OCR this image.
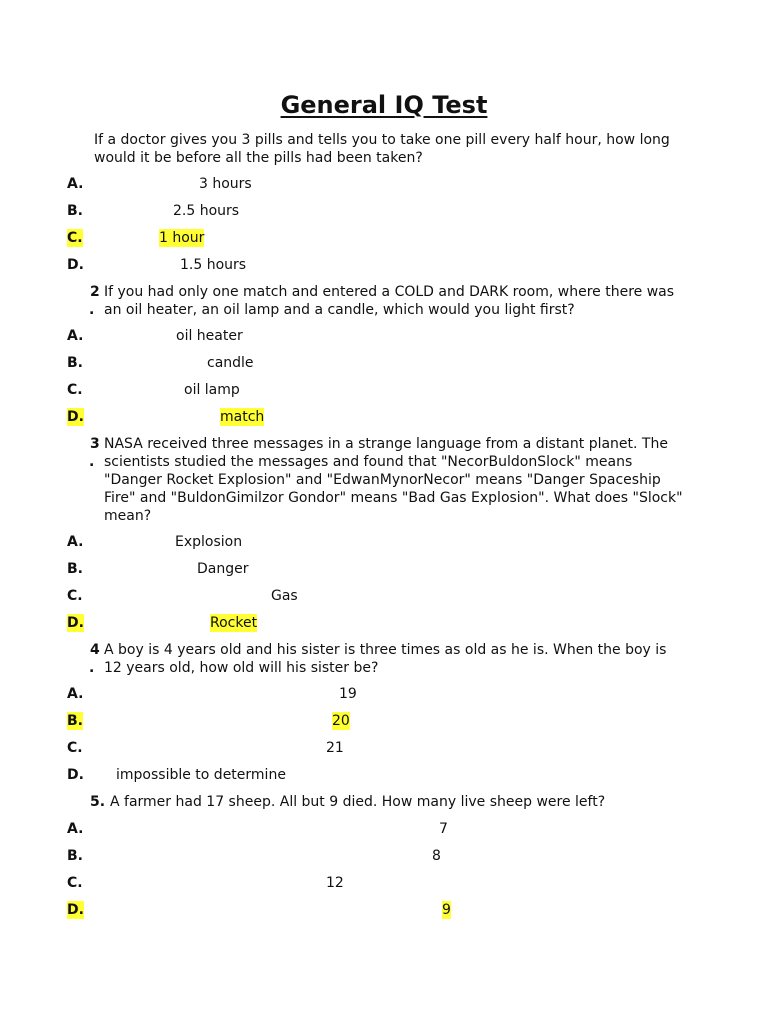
General IQ Test
If a doctor gives you 3 pills and tells you to take one pill every half hour, how long would it be before all the pills had been taken?
A.	3 hours
B.	2.5 hours
C.	1 hour
D.	1.5 hours
2
.
If you had only one match and entered a COLD and DARK room, where there was an oil heater, an oil lamp and a candle, which would you light first?
A.	oil heater
B.	candle
C.	oil lamp
D.	match
3
.
NASA received three messages in a strange language from a distant planet. The scientists studied the messages and found that "NecorBuldonSlock" means "Danger Rocket Explosion" and "EdwanMynorNecor" means "Danger Spaceship Fire" and "BuldonGimilzor Gondor" means "Bad Gas Explosion". What does "Slock" mean?
A.	Explosion
B.	Danger
C.	Gas
D.	Rocket
4
.
A boy is 4 years old and his sister is three times as old as he is. When the boy is 12 years old, how old will his sister be?
A.	19
B.	20
C.	21
D. impossible to determine
5. A farmer had 17 sheep. All but 9 died. How many live sheep were left?
A.	7
B.	8
C.	12
D.	9
